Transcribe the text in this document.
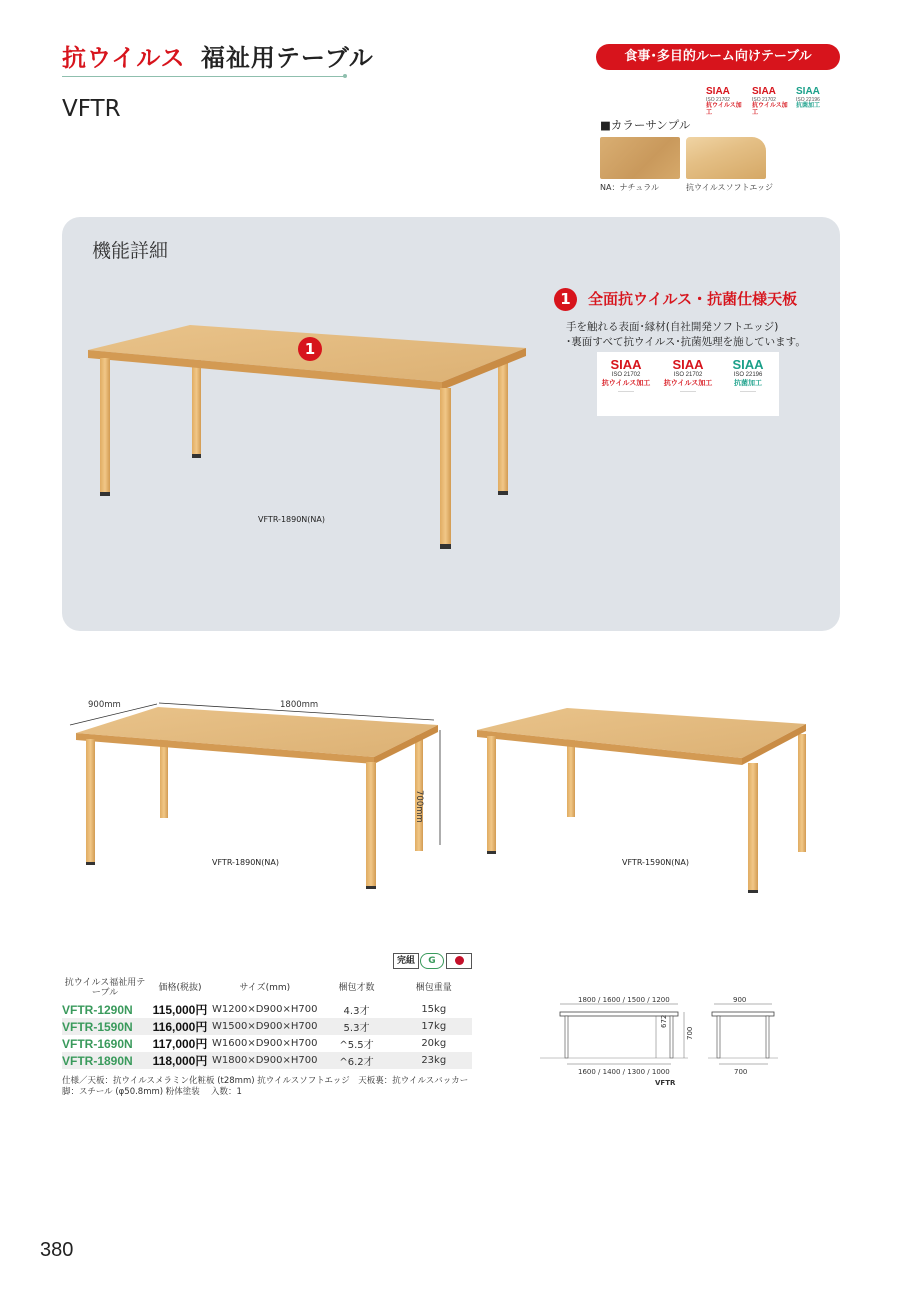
抗ウイルス 福祉用テーブル	食事･多目的ルーム向けテーブル
VFTR
SIAA
ISO 21702
抗ウイルス加工
SIAA
ISO 21702
抗ウイルス加工
SIAA
ISO 22196
抗菌加工
■カラーサンプル
NA：ナチュラル	抗ウイルスソフトエッジ
機能詳細
1
VFTR-1890N(NA)
1	全面抗ウイルス・抗菌仕様天板
手を触れる表面･縁材(自社開発ソフトエッジ)
･裏面すべて抗ウイルス･抗菌処理を施しています。
SIAA
ISO 21702
抗ウイルス加工
————
SIAA
ISO 21702
抗ウイルス加工
————
SIAA
ISO 22196
抗菌加工
————
900mm	1800mm
700mm
VFTR-1890N(NA)	VFTR-1590N(NA)
完組	G
抗ウイルス福祉用テーブル	価格(税抜)	サイズ(mm)	梱包才数	梱包重量
VFTR-1290N	115,000円	W1200×D900×H700	4.3才	15kg
VFTR-1590N	116,000円	W1500×D900×H700	5.3才	17kg
VFTR-1690N	117,000円	W1600×D900×H700	^5.5才	20kg
VFTR-1890N	118,000円	W1800×D900×H700	^6.2才	23kg
仕様／天板：抗ウイルスメラミン化粧板 (t28mm) 抗ウイルスソフトエッジ　天板裏：抗ウイルスバッカー　脚：スチール (φ50.8mm) 粉体塗装　 入数：1
1800 / 1600 / 1500 / 1200
1600 / 1400 / 1300 / 1000
672
700
900
700
VFTR
380
